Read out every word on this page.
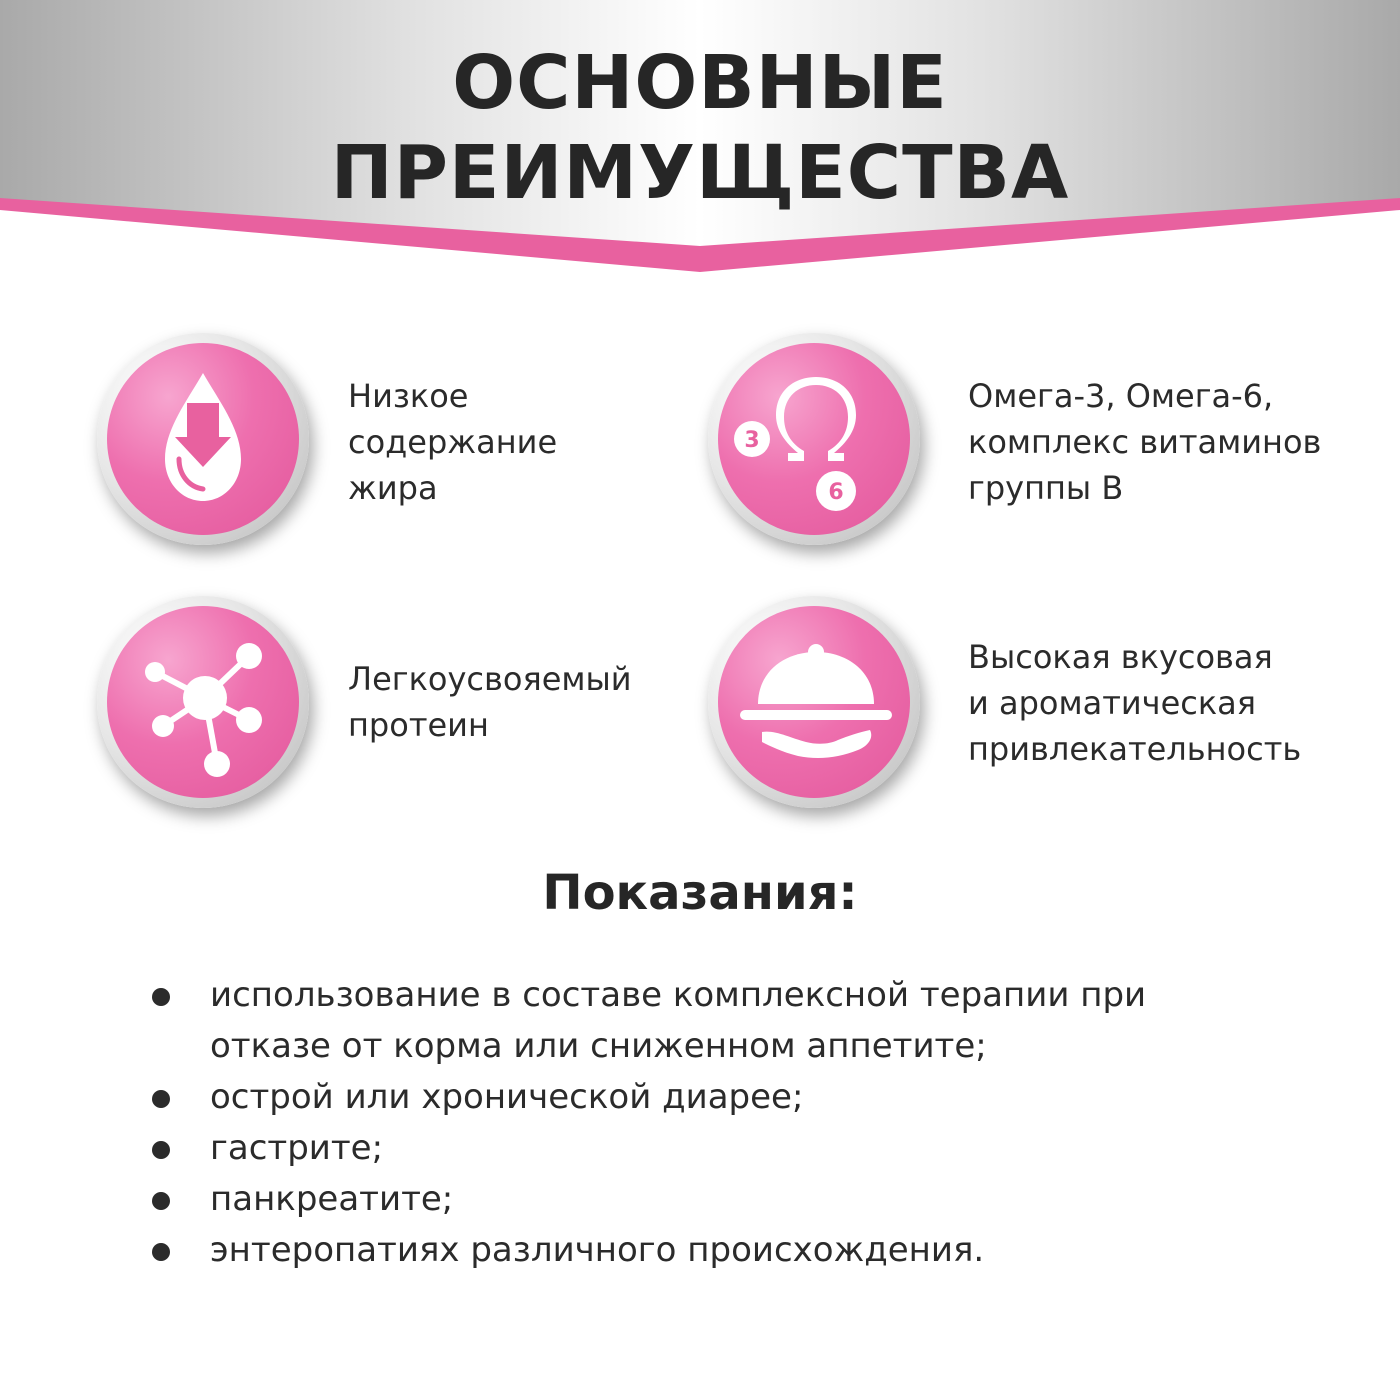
ОСНОВНЫЕ
ПРЕИМУЩЕСТВА
Низкое
содержание
жира
3
6
Омега-3, Омега-6,
комплекс витаминов
группы В
Легкоусвояемый
протеин
Высокая вкусовая
и ароматическая
привлекательность
Показания:
использование в составе комплексной терапии при
отказе от корма или сниженном аппетите;
острой или хронической диарее;
гастрите;
панкреатите;
энтеропатиях различного происхождения.
